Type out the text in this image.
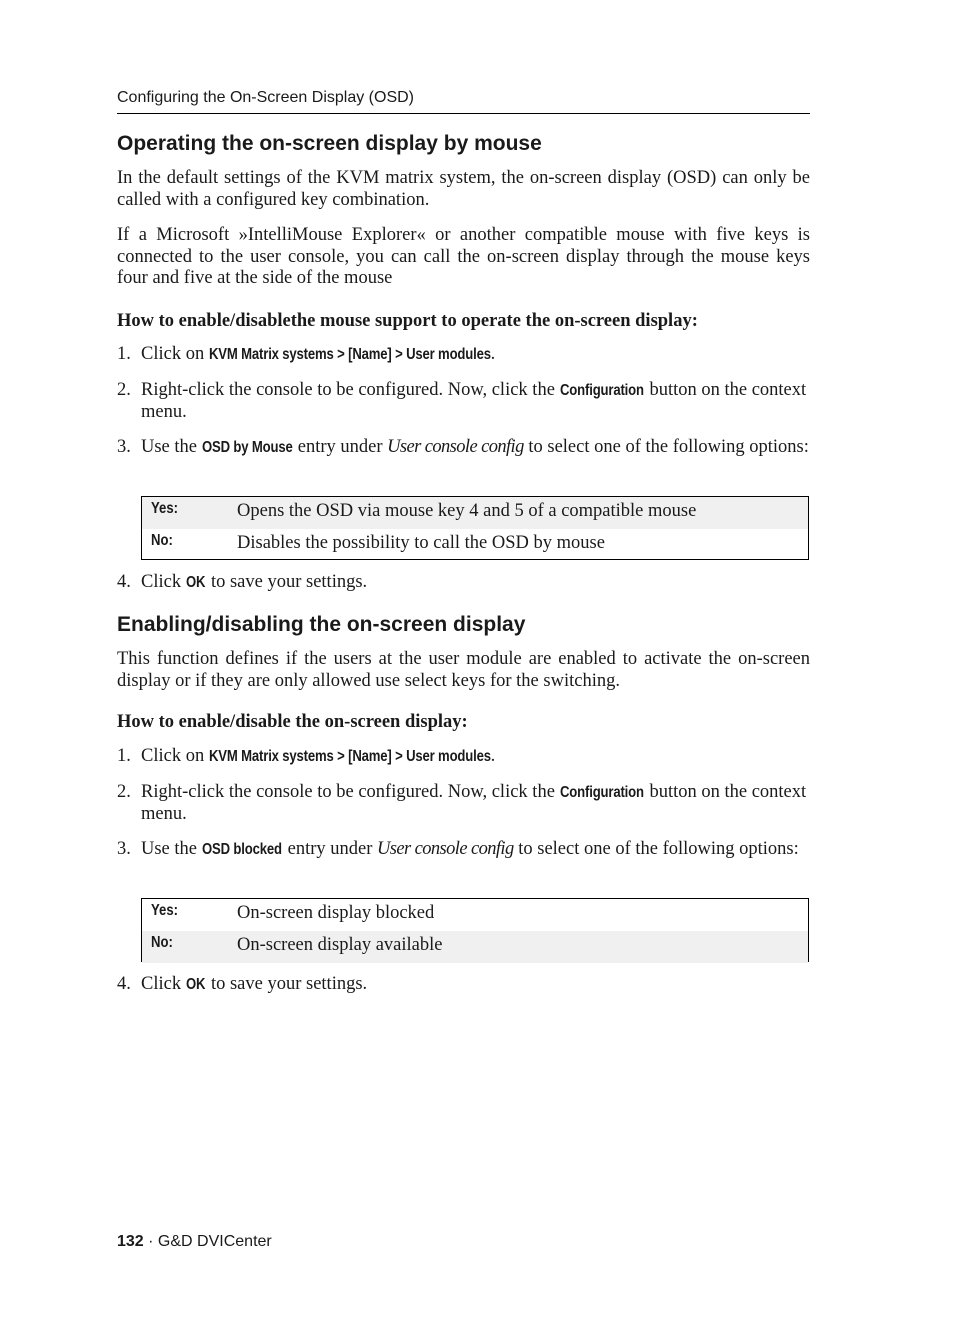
Configuring the On-Screen Display (OSD)
Operating the on-screen display by mouse

In the default settings of the KVM matrix system, the on-screen display (OSD) can only be called with a configured key combination.

If a Microsoft »IntelliMouse Explorer« or another compatible mouse with five keys is connected to the user console, you can call the on-screen display through the mouse keys four and five at the side of the mouse

How to enable/disablethe mouse support to operate the on-screen display:

1. Click on KVM Matrix systems > [Name] > User modules.
2. Right-click the console to be configured. Now, click the Configuration button on the context menu.
3. Use the OSD by Mouse entry under User console config to select one of the following options:
Yes:	Opens the OSD via mouse key 4 and 5 of a compatible mouse
No:	Disables the possibility to call the OSD by mouse
4. Click OK to save your settings.
Enabling/disabling the on-screen display

This function defines if the users at the user module are enabled to activate the on-screen display or if they are only allowed use select keys for the switching.

How to enable/disable the on-screen display:

1. Click on KVM Matrix systems > [Name] > User modules.
2. Right-click the console to be configured. Now, click the Configuration button on the context menu.
3. Use the OSD blocked entry under User console config to select one of the following options:
Yes:	On-screen display blocked
No:	On-screen display available
4. Click OK to save your settings.
132 · G&D DVICenter
